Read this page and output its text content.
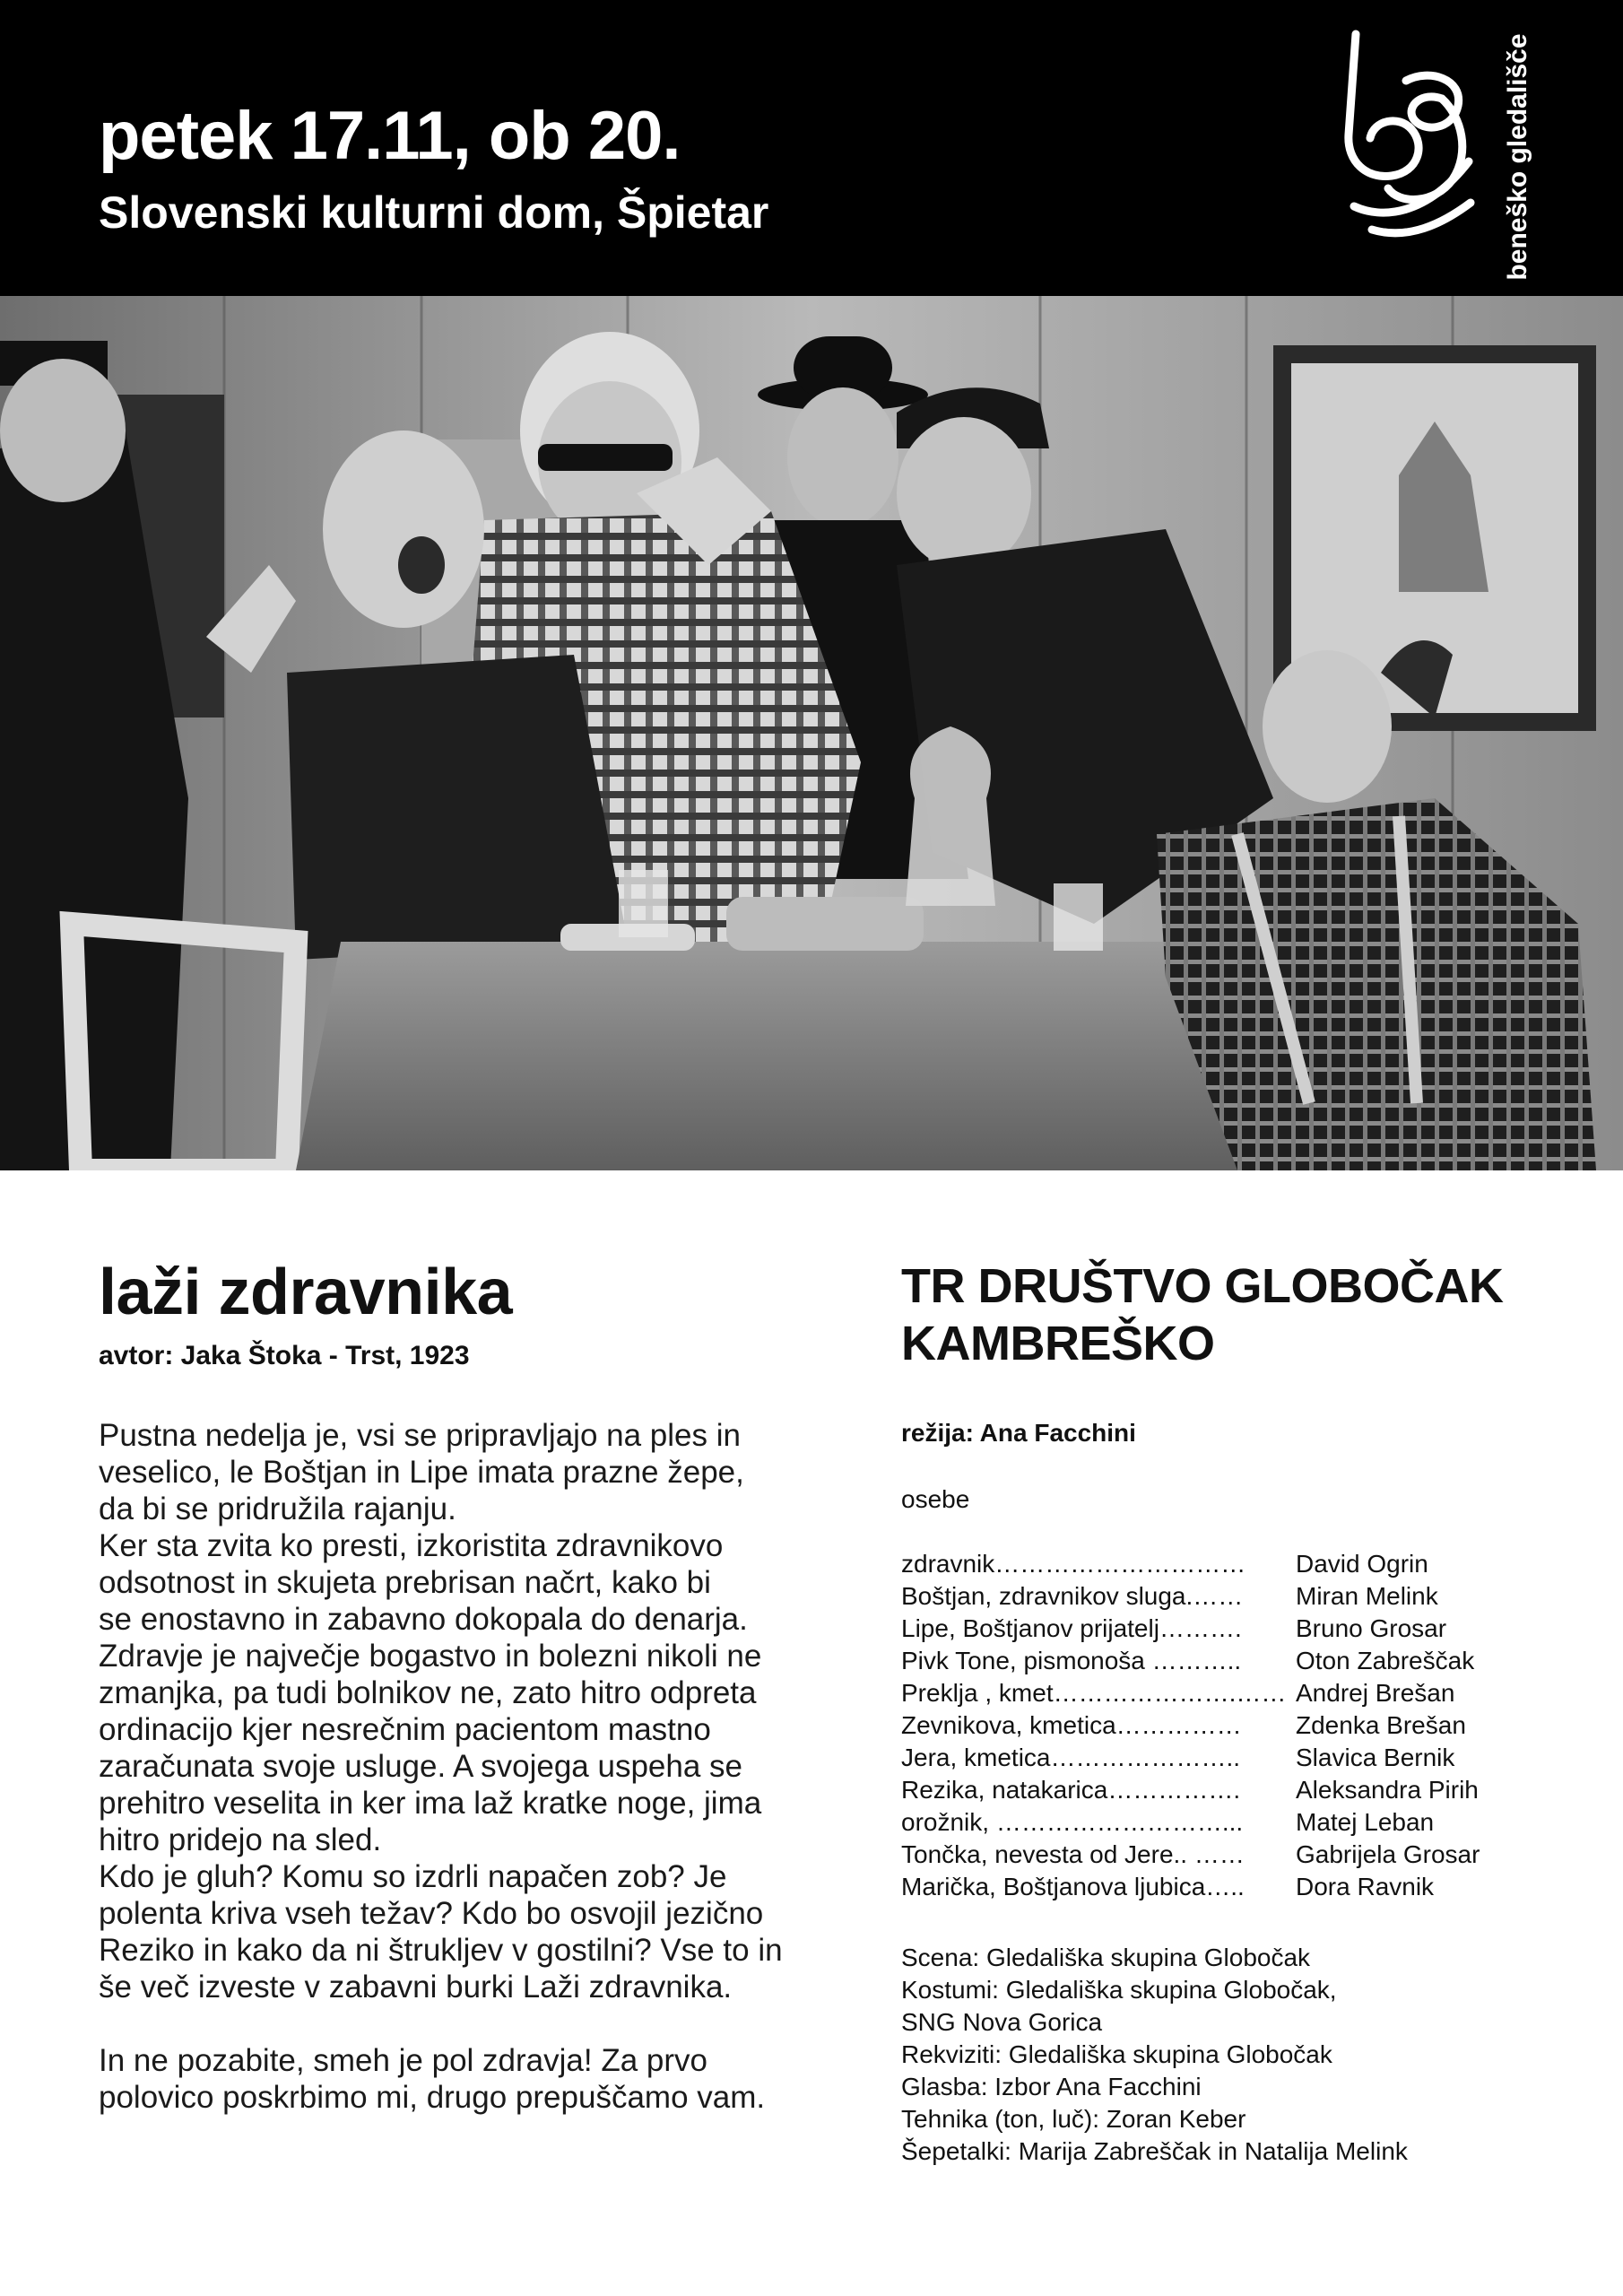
petek 17.11, ob 20.
Slovenski kulturni dom, Špietar	beneško gledališče
laži zdravnika
avtor: Jaka Štoka - Trst, 1923

Pustna nedelja je, vsi se pripravljajo na ples in

veselico, le Boštjan in Lipe imata prazne žepe,

da bi se pridružila rajanju.

Ker sta zvita ko presti, izkoristita zdravnikovo

odsotnost in skujeta prebrisan načrt, kako bi

se enostavno in zabavno dokopala do denarja.

Zdravje je največje bogastvo in bolezni nikoli ne

zmanjka, pa tudi bolnikov ne, zato hitro odpreta

ordinacijo kjer nesrečnim pacientom mastno

zaračunata svoje usluge. A svojega uspeha se

prehitro veselita in ker ima laž kratke noge, jima

hitro pridejo na sled.

Kdo je gluh? Komu so izdrli napačen zob? Je

polenta kriva vseh težav? Kdo bo osvojil jezično

Reziko in kako da ni štrukljev v gostilni? Vse to in

še več izveste v zabavni burki Laži zdravnika.

In ne pozabite, smeh je pol zdravja! Za prvo

polovico poskrbimo mi, drugo prepuščamo vam.

TR DRUŠTVO GLOBOČAK
KAMBREŠKO
režija: Ana Facchini
osebe
zdravnik…………………………	David Ogrin
Boštjan, zdravnikov sluga.……	Miran Melink
Lipe, Boštjanov prijatelj……….	Bruno Grosar
Pivk Tone, pismonoša ………..	Oton Zabreščak
Preklja , kmet………………….…… Andrej Brešan
Zevnikova, kmetica……………	Zdenka Brešan
Jera, kmetica…………………..	Slavica Bernik
Rezika, natakarica…………….	Aleksandra Pirih
orožnik, ………………………...	Matej Leban
Tončka, nevesta od Jere.. ……	Gabrijela Grosar
Marička, Boštjanova ljubica…..	Dora Ravnik
Scena: Gledališka skupina Globočak
Kostumi: Gledališka skupina Globočak,
SNG Nova Gorica
Rekviziti: Gledališka skupina Globočak
Glasba: Izbor Ana Facchini
Tehnika (ton, luč): Zoran Keber
Šepetalki: Marija Zabreščak in Natalija Melink
